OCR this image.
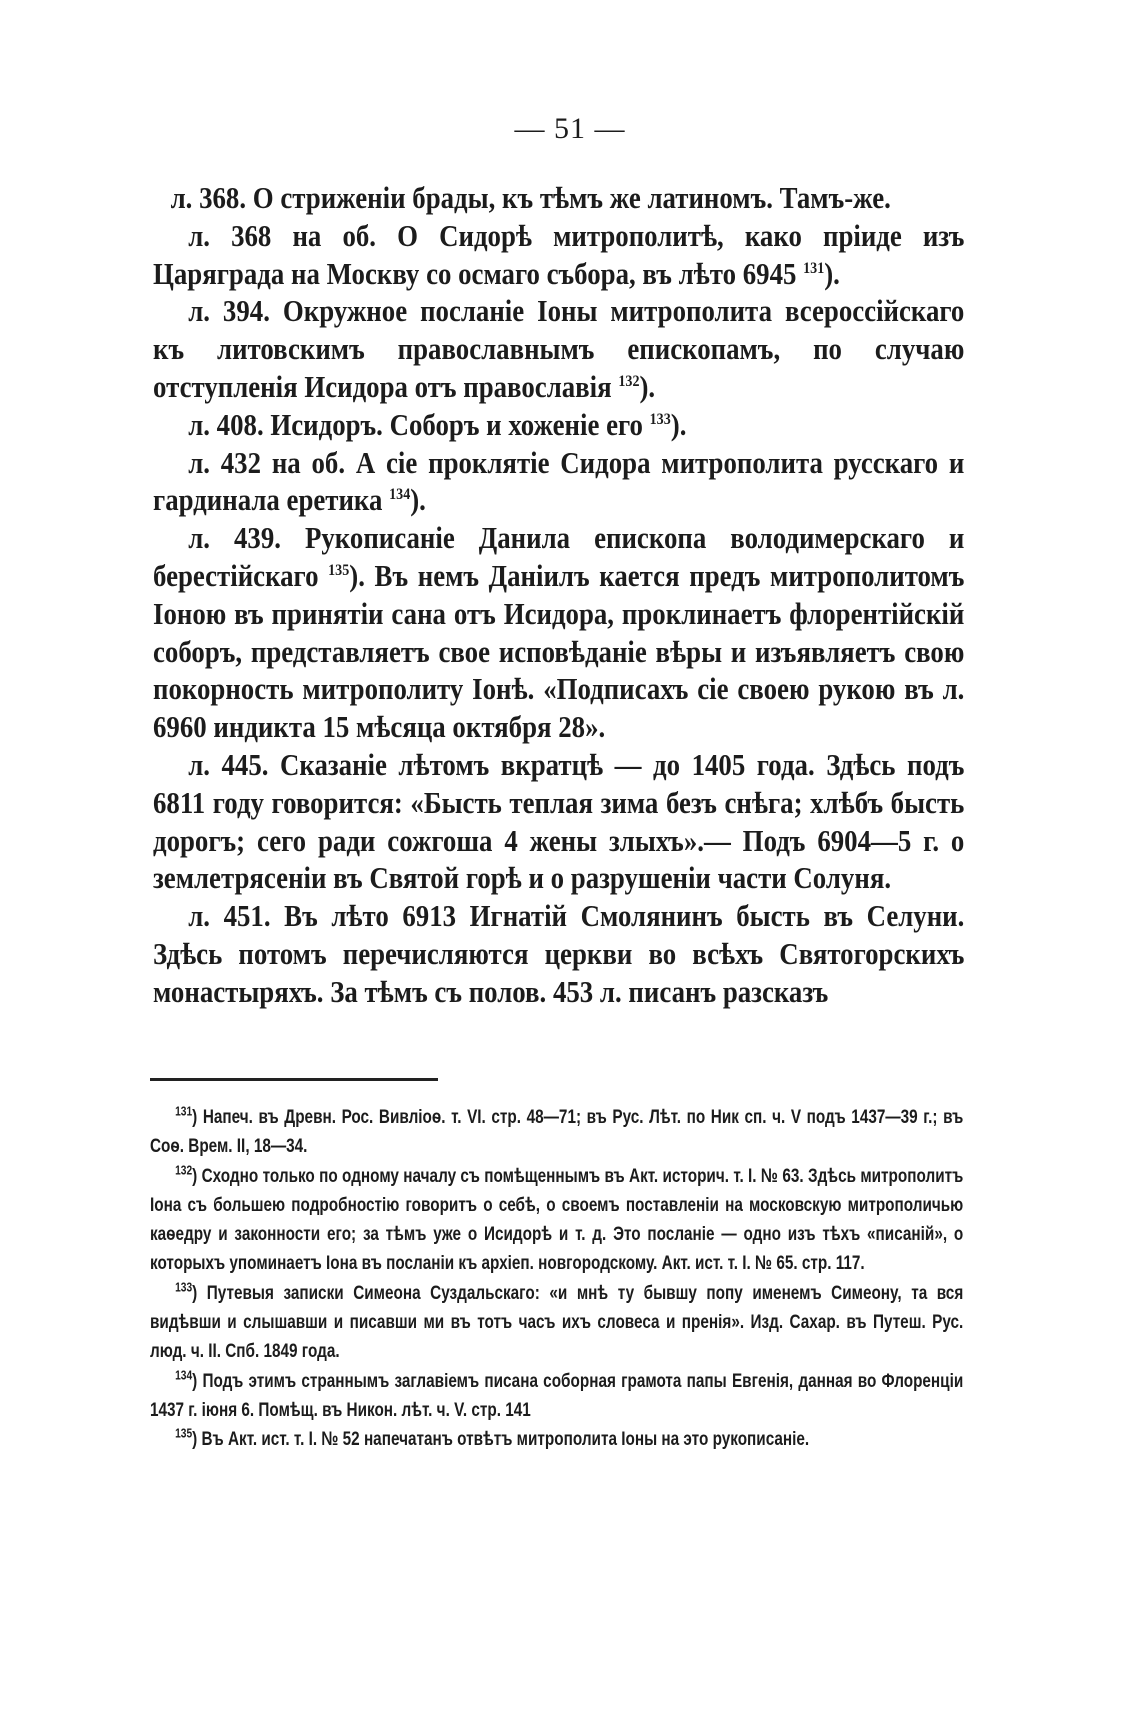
— 51 —

л. 368. О стриженіи брады, къ тѣмъ же латиномъ. Тамъ-же.

л. 368 на об. О Сидорѣ митрополитѣ, како пріиде изъ Царяграда на Москву со осмаго събора, въ лѣто 6945 $^{131}$).

л. 394. Окружное посланіе Іоны митрополита всероссійскаго къ литовскимъ православнымъ епископамъ, по случаю отступленія Исидора отъ православія $^{132}$).

л. 408. Исидоръ. Соборъ и хоженіе его $^{133}$).

л. 432 на об. А сіе проклятіе Сидора митрополита русскаго и гардинала еретика $^{134}$).

л. 439. Рукописаніе Данила епископа володимерскаго и берестійскаго $^{135}$). Въ немъ Даніилъ кается предъ митрополитомъ Іоною въ принятіи сана отъ Исидора, проклинаетъ флорентійскій соборъ, представляетъ свое исповѣданіе вѣры и изъявляетъ свою покорность митрополиту Іонѣ. «Подписахъ сіе своею рукою въ л. 6960 индикта 15 мѣсяца октября 28».

л. 445. Сказаніе лѣтомъ вкратцѣ — до 1405 года. Здѣсь подъ 6811 году говорится: «Бысть теплая зима безъ снѣга; хлѣбъ бысть дорогъ; сего ради сожгоша 4 жены злыхъ».— Подъ 6904—5 г. о землетрясеніи въ Святой горѣ и о разрушеніи части Солуня.

л. 451. Въ лѣто 6913 Игнатій Смолянинъ бысть въ Селуни. Здѣсь потомъ перечисляются церкви во всѣхъ Святогорскихъ монастыряхъ. За тѣмъ съ полов. 453 л. писанъ разсказъ

$^{131}$) Напеч. въ Древн. Рос. Вивліоѳ. т. VI. стр. 48—71; въ Рус. Лѣт. по Ник сп. ч. V подъ 1437—39 г.; въ Соѳ. Врем. II, 18—34.

$^{132}$) Сходно только по одному началу съ помѣщеннымъ въ Акт. историч. т. I. № 63. Здѣсь митрополитъ Іона съ большею подробностію говоритъ о себѣ, о своемъ поставленіи на московскую митрополичью каѳедру и законности его; за тѣмъ уже о Исидорѣ и т. д. Это посланіе — одно изъ тѣхъ «писаній», о которыхъ упоминаетъ Іона въ посланіи къ архіеп. новгородскому. Акт. ист. т. I. № 65. стр. 117.

$^{133}$) Путевыя записки Симеона Суздальскаго: «и мнѣ ту бывшу попу именемъ Симеону, та вся видѣвши и слышавши и писавши ми въ тотъ часъ ихъ словеса и пренія». Изд. Сахар. въ Путеш. Рус. люд. ч. II. Спб. 1849 года.

$^{134}$) Подъ этимъ страннымъ заглавіемъ писана соборная грамота папы Евгенія, данная во Флоренціи 1437 г. іюня 6. Помѣщ. въ Никон. лѣт. ч. V. стр. 141

$^{135}$) Въ Акт. ист. т. I. № 52 напечатанъ отвѣтъ митрополита Іоны на это рукописаніе.
